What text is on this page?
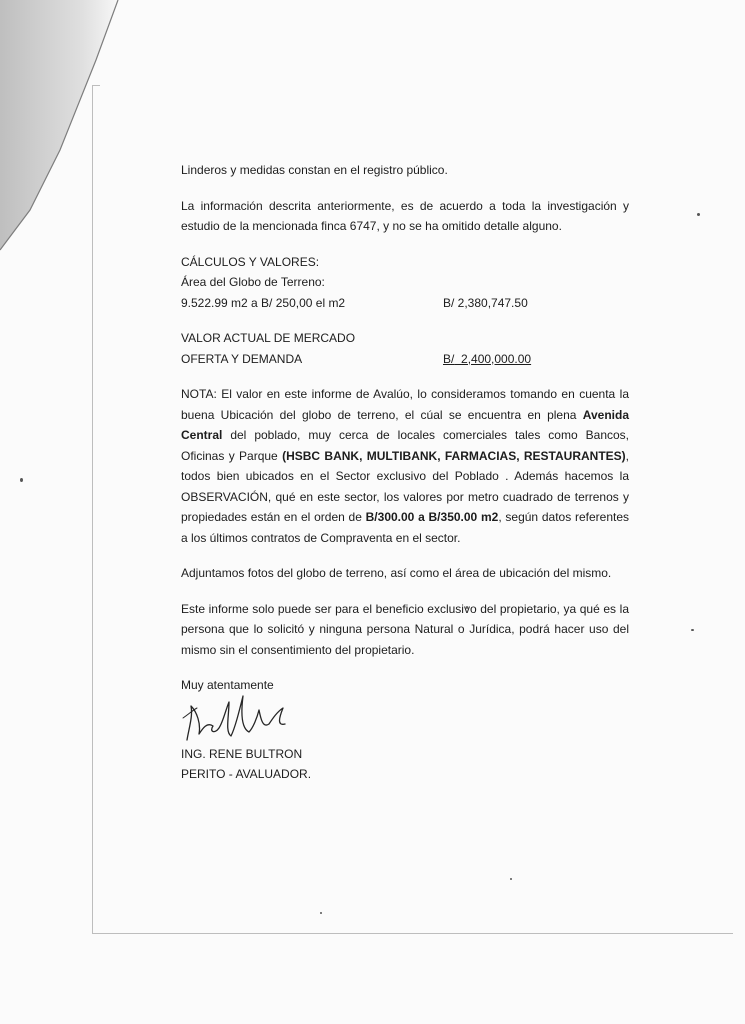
Linderos y medidas constan en el registro público.

La información descrita anteriormente, es de acuerdo a toda la investigación y estudio de la mencionada finca 6747, y no se ha omitido detalle alguno.

CÁLCULOS Y VALORES:

Área del Globo de Terreno:

9.522.99 m2 a B/ 250,00 el m2	B/ 2,380,747.50

VALOR ACTUAL DE MERCADO

OFERTA Y DEMANDA	B/ 2,400,000.00

NOTA: El valor en este informe de Avalúo, lo consideramos tomando en cuenta la buena Ubicación del globo de terreno, el cúal se encuentra en plena Avenida Central del poblado, muy cerca de locales comerciales tales como Bancos, Oficinas y Parque (HSBC BANK, MULTIBANK, FARMACIAS, RESTAURANTES), todos bien ubicados en el Sector exclusivo del Poblado . Además hacemos la OBSERVACIÓN, qué en este sector, los valores por metro cuadrado de terrenos y propiedades están en el orden de B/300.00 a B/350.00 m2, según datos referentes a los últimos contratos de Compraventa en el sector.

Adjuntamos fotos del globo de terreno, así como el área de ubicación del mismo.

Este informe solo puede ser para el beneficio exclusivo del propietario, ya qué es la persona que lo solicitó y ninguna persona Natural o Jurídica, podrá hacer uso del mismo sin el consentimiento del propietario.

Muy atentamente

ING. RENE BULTRON

PERITO - AVALUADOR.
